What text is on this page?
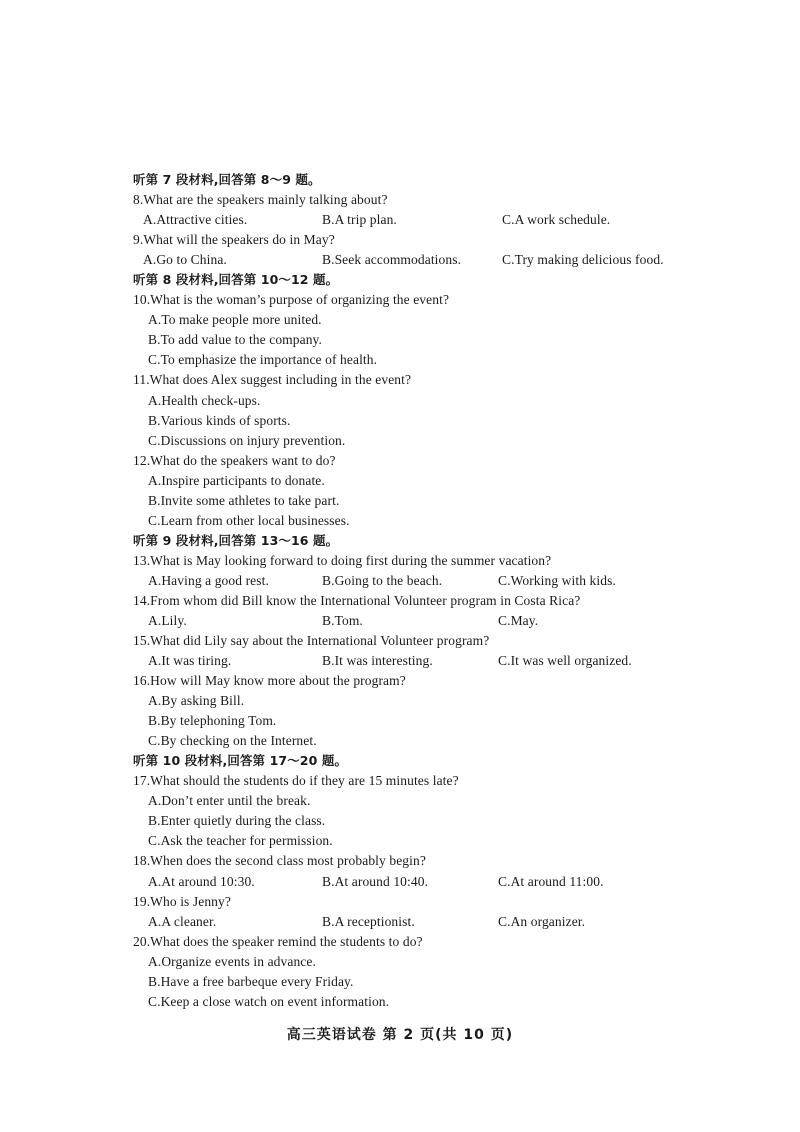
听第 7 段材料,回答第 8～9 题。
8.What are the speakers mainly talking about?
A.Attractive cities.	B.A trip plan.	C.A work schedule.
9.What will the speakers do in May?
A.Go to China.	B.Seek accommodations.	C.Try making delicious food.
听第 8 段材料,回答第 10～12 题。
10.What is the woman’s purpose of organizing the event?
A.To make people more united.
B.To add value to the company.
C.To emphasize the importance of health.
11.What does Alex suggest including in the event?
A.Health check-ups.
B.Various kinds of sports.
C.Discussions on injury prevention.
12.What do the speakers want to do?
A.Inspire participants to donate.
B.Invite some athletes to take part.
C.Learn from other local businesses.
听第 9 段材料,回答第 13～16 题。
13.What is May looking forward to doing first during the summer vacation?
A.Having a good rest.	B.Going to the beach.	C.Working with kids.
14.From whom did Bill know the International Volunteer program in Costa Rica?
A.Lily.	B.Tom.	C.May.
15.What did Lily say about the International Volunteer program?
A.It was tiring.	B.It was interesting.	C.It was well organized.
16.How will May know more about the program?
A.By asking Bill.
B.By telephoning Tom.
C.By checking on the Internet.
听第 10 段材料,回答第 17～20 题。
17.What should the students do if they are 15 minutes late?
A.Don’t enter until the break.
B.Enter quietly during the class.
C.Ask the teacher for permission.
18.When does the second class most probably begin?
A.At around 10:30.	B.At around 10:40.	C.At around 11:00.
19.Who is Jenny?
A.A cleaner.	B.A receptionist.	C.An organizer.
20.What does the speaker remind the students to do?
A.Organize events in advance.
B.Have a free barbeque every Friday.
C.Keep a close watch on event information.
高三英语试卷 第 2 页(共 10 页)
